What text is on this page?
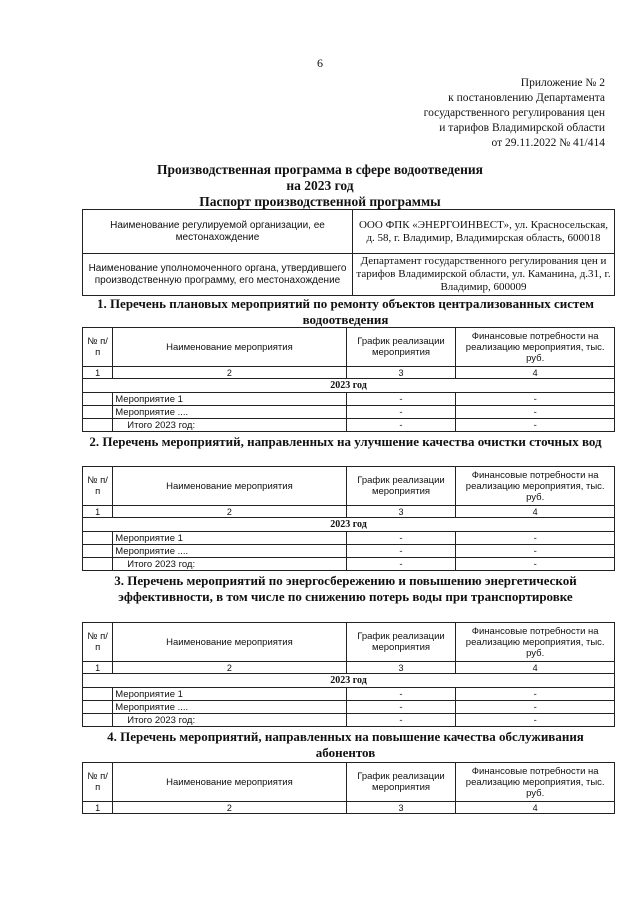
6
Приложение № 2
к постановлению Департамента
государственного регулирования цен
и тарифов Владимирской области
от 29.11.2022 № 41/414
Производственная программа в сфере водоотведения
на 2023 год
Паспорт производственной программы
Наименование регулируемой организации, ее местонахождение	ООО ФПК «ЭНЕРГОИНВЕСТ», ул. Красносельская, д. 58, г. Владимир, Владимирская область, 600018
Наименование уполномоченного органа, утвердившего производственную программу, его местонахождение	Департамент государственного регулирования цен и тарифов Владимирской области, ул. Каманина, д.31, г. Владимир, 600009
1. Перечень плановых мероприятий по ремонту объектов централизованных систем водоотведения
№ п/п	Наименование мероприятия	График реализации мероприятия	Финансовые потребности на реализацию мероприятия, тыс. руб.
1	2	3	4
2023 год			
	Мероприятие 1	-	-
	Мероприятие ....	-	-
	Итого 2023 год:	-	-
2. Перечень мероприятий, направленных на улучшение качества очистки сточных вод
№ п/п	Наименование мероприятия	График реализации мероприятия	Финансовые потребности на реализацию мероприятия, тыс. руб.
1	2	3	4
2023 год			
	Мероприятие 1	-	-
	Мероприятие ....	-	-
	Итого 2023 год:	-	-
3. Перечень мероприятий по энергосбережению и повышению энергетической эффективности, в том числе по снижению потерь воды при транспортировке
№ п/п	Наименование мероприятия	График реализации мероприятия	Финансовые потребности на реализацию мероприятия, тыс. руб.
1	2	3	4
2023 год			
	Мероприятие 1	-	-
	Мероприятие ....	-	-
	Итого 2023 год:	-	-
4. Перечень мероприятий, направленных на повышение качества обслуживания абонентов
№ п/п	Наименование мероприятия	График реализации мероприятия	Финансовые потребности на реализацию мероприятия, тыс. руб.
1	2	3	4
